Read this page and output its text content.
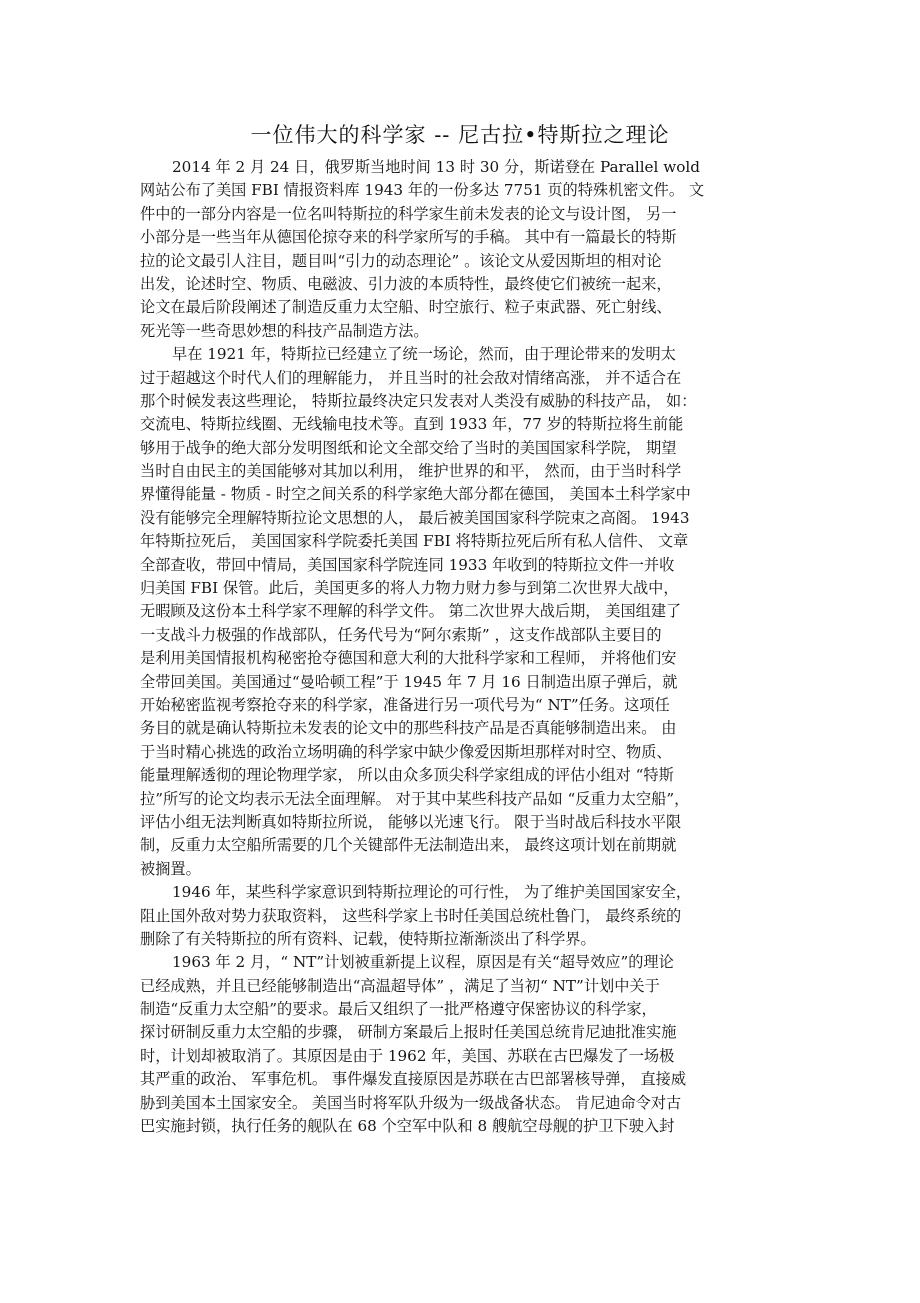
一位伟大的科学家 -- 尼古拉•特斯拉之理论
2014 年 2 月 24 日，俄罗斯当地时间 13 时 30 分，斯诺登在 Parallel wold
网站公布了美国 FBI 情报资料库 1943 年的一份多达 7751 页的特殊机密文件。 文
件中的一部分内容是一位名叫特斯拉的科学家生前未发表的论文与设计图， 另一
小部分是一些当年从德国伦掠夺来的科学家所写的手稿。 其中有一篇最长的特斯
拉的论文最引人注目，题目叫“引力的动态理论” 。该论文从爱因斯坦的相对论
出发，论述时空、物质、电磁波、引力波的本质特性，最终使它们被统一起来，
论文在最后阶段阐述了制造反重力太空船、时空旅行、粒子束武器、死亡射线、
死光等一些奇思妙想的科技产品制造方法。
早在 1921 年，特斯拉已经建立了统一场论，然而，由于理论带来的发明太
过于超越这个时代人们的理解能力， 并且当时的社会敌对情绪高涨， 并不适合在
那个时候发表这些理论， 特斯拉最终决定只发表对人类没有威胁的科技产品， 如：
交流电、特斯拉线圈、无线输电技术等。直到 1933 年，77 岁的特斯拉将生前能
够用于战争的绝大部分发明图纸和论文全部交给了当时的美国国家科学院， 期望
当时自由民主的美国能够对其加以利用， 维护世界的和平， 然而，由于当时科学
界懂得能量 - 物质 - 时空之间关系的科学家绝大部分都在德国， 美国本土科学家中
没有能够完全理解特斯拉论文思想的人， 最后被美国国家科学院束之高阁。 1943
年特斯拉死后， 美国国家科学院委托美国 FBI 将特斯拉死后所有私人信件、 文章
全部查收，带回中情局，美国国家科学院连同 1933 年收到的特斯拉文件一并收
归美国 FBI 保管。此后，美国更多的将人力物力财力参与到第二次世界大战中，
无暇顾及这份本土科学家不理解的科学文件。 第二次世界大战后期， 美国组建了
一支战斗力极强的作战部队，任务代号为“阿尔索斯” ，这支作战部队主要目的
是利用美国情报机构秘密抢夺德国和意大利的大批科学家和工程师， 并将他们安
全带回美国。美国通过“曼哈顿工程”于 1945 年 7 月 16 日制造出原子弹后，就
开始秘密监视考察抢夺来的科学家，准备进行另一项代号为“ NT”任务。这项任
务目的就是确认特斯拉未发表的论文中的那些科技产品是否真能够制造出来。 由
于当时精心挑选的政治立场明确的科学家中缺少像爱因斯坦那样对时空、物质、
能量理解透彻的理论物理学家， 所以由众多顶尖科学家组成的评估小组对 “特斯
拉”所写的论文均表示无法全面理解。 对于其中某些科技产品如 “反重力太空船”，
评估小组无法判断真如特斯拉所说， 能够以光速飞行。 限于当时战后科技水平限
制，反重力太空船所需要的几个关键部件无法制造出来， 最终这项计划在前期就
被搁置。
1946 年，某些科学家意识到特斯拉理论的可行性， 为了维护美国国家安全，
阻止国外敌对势力获取资料， 这些科学家上书时任美国总统杜鲁门， 最终系统的
删除了有关特斯拉的所有资料、记载，使特斯拉渐渐淡出了科学界。
1963 年 2 月，“ NT”计划被重新提上议程，原因是有关“超导效应”的理论
已经成熟，并且已经能够制造出“高温超导体” ，满足了当初“ NT”计划中关于
制造“反重力太空船”的要求。最后又组织了一批严格遵守保密协议的科学家，
探讨研制反重力太空船的步骤， 研制方案最后上报时任美国总统肯尼迪批准实施
时，计划却被取消了。其原因是由于 1962 年，美国、苏联在古巴爆发了一场极
其严重的政治、 军事危机。 事件爆发直接原因是苏联在古巴部署核导弹， 直接威
胁到美国本土国家安全。 美国当时将军队升级为一级战备状态。 肯尼迪命令对古
巴实施封锁，执行任务的舰队在 68 个空军中队和 8 艘航空母舰的护卫下驶入封
